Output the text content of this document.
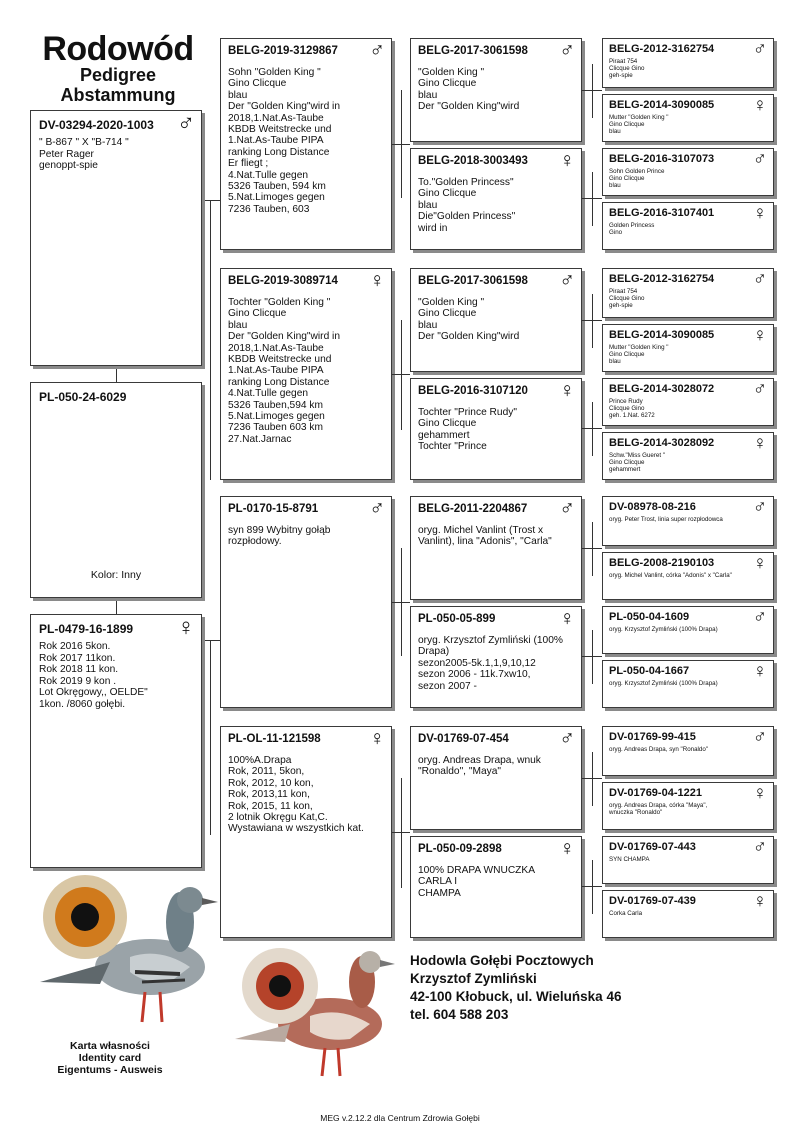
Rodowód
Pedigree
Abstammung
DV-03294-2020-1003 ♂
" B-867 " X "B-714 "
Peter Rager
genoppt-spie
PL-050-24-6029
Kolor: Inny
PL-0479-16-1899 ♀
Rok 2016 5kon.
Rok 2017 11kon.
Rok 2018 11 kon.
Rok 2019 9 kon .
Lot Okręgowy,, OELDE"
1kon. /8060 gołębi.
BELG-2019-3129867 ♂
Sohn "Golden King "
Gino Clicque
blau
Der "Golden King"wird in
2018,1.Nat.As-Taube
KBDB Weitstrecke und
1.Nat.As-Taube PIPA
ranking Long Distance
Er fliegt ;
4.Nat.Tulle gegen
5326 Tauben, 594 km
5.Nat.Limoges gegen
7236 Tauben, 603
BELG-2019-3089714 ♀
Tochter "Golden King "
Gino Clicque
blau
Der "Golden King"wird in
2018,1.Nat.As-Taube
KBDB Weitstrecke und
1.Nat.As-Taube PIPA
ranking Long Distance
4.Nat.Tulle gegen
5326 Tauben,594 km
5.Nat.Limoges gegen
7236 Tauben 603 km
27.Nat.Jarnac
PL-0170-15-8791 ♂
syn 899 Wybitny gołąb
rozpłodowy.
PL-OL-11-121598 ♀
100%A.Drapa
Rok, 2011, 5kon,
Rok, 2012, 10 kon,
Rok, 2013,11 kon,
Rok, 2015, 11 kon,
2 lotnik Okręgu Kat,C.
Wystawiana w wszystkich kat.
BELG-2017-3061598 ♂
"Golden King "
Gino Clicque
blau
Der "Golden King"wird
BELG-2018-3003493 ♀
To."Golden Princess"
Gino Clicque
blau
Die"Golden Princess"
wird in
BELG-2017-3061598 ♂
"Golden King "
Gino Clicque
blau
Der "Golden King"wird
BELG-2016-3107120 ♀
Tochter "Prince Rudy"
Gino Clicque
gehammert
Tochter "Prince
BELG-2011-2204867 ♂
oryg. Michel Vanlint (Trost x
Vanlint), lina "Adonis", "Carla"
PL-050-05-899	♀
oryg. Krzysztof Zymliński (100%
Drapa)
sezon2005-5k.1,1,9,10,12
sezon 2006 - 11k.7xw10,
sezon 2007 -
DV-01769-07-454 ♂
oryg. Andreas Drapa, wnuk
"Ronaldo", "Maya"
PL-050-09-2898	♀
100% DRAPA WNUCZKA
CARLA I
CHAMPA
BELG-2012-3162754 ♂
Piraat 754
Clicque Gino
geh-spie
BELG-2014-3090085 ♀
Mutter "Golden King "
Gino Clicque
blau
BELG-2016-3107073 ♂
Sohn Golden Prince
Gino Clicque
blau
BELG-2016-3107401 ♀
Golden Princess
Gino
BELG-2012-3162754 ♂
Piraat 754
Clicque Gino
geh-spie
BELG-2014-3090085 ♀
Mutter "Golden King "
Gino Clicque
blau
BELG-2014-3028072 ♂
Prince Rudy
Clicque Gino
geh. 1.Nat. 6272
BELG-2014-3028092 ♀
Schw."Miss Gueret "
Gino Clicque
gehammert
DV-08978-08-216	♂
oryg. Peter Trost, linia super rozpłodowca
BELG-2008-2190103 ♀
oryg. Michel Vanlint, córka "Adonis" x "Carla"
PL-050-04-1609	♂
oryg. Krzysztof Zymliński (100% Drapa)
PL-050-04-1667	♀
oryg. Krzysztof Zymliński (100% Drapa)
DV-01769-99-415	♂
oryg. Andreas Drapa, syn "Ronaldo"
DV-01769-04-1221	♀
oryg. Andreas Drapa, córka "Maya",
wnuczka "Ronaldo"
DV-01769-07-443	♂
SYN CHAMPA
DV-01769-07-439	♀
Corka Carla
Hodowla Gołębi Pocztowych
Krzysztof Zymliński
42-100 Kłobuck, ul. Wieluńska 46
tel. 604 588 203
Karta własności
Identity card
Eigentums - Ausweis
MEG v.2.12.2 dla Centrum Zdrowia Gołębi
